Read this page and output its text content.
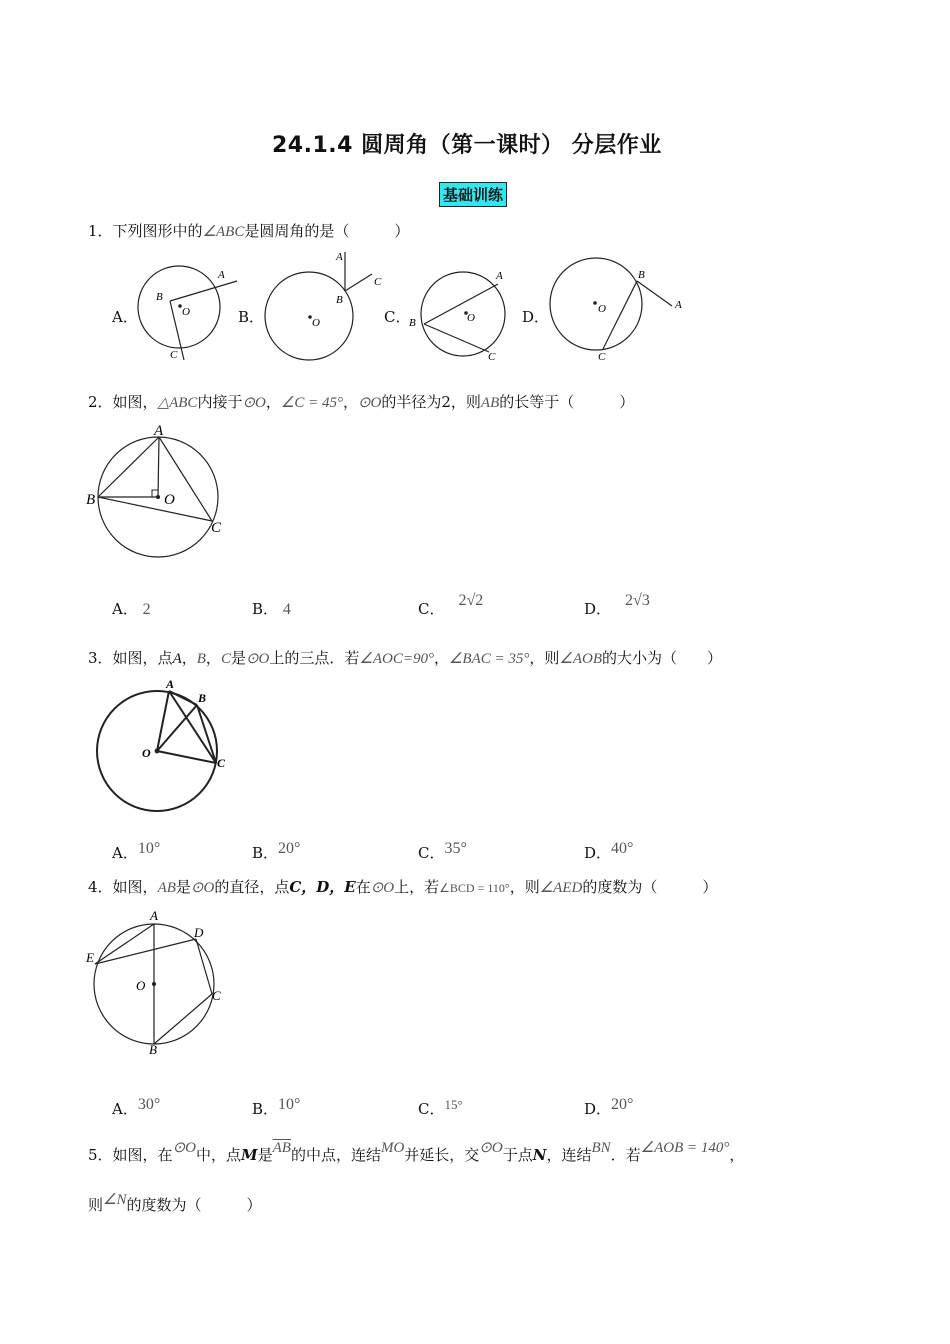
24.1.4 圆周角（第一课时） 分层作业
基础训练
1．下列图形中的∠ABC是圆周角的是（　　　）
A．
A
B
O
C
B．
A
C
B
O	C．
A
B	O
C
D．
B
A
O
C
2．如图，△ABC内接于⊙O，∠C = 45°，⊙O的半径为2，则AB的长等于（　　　）
A
B	O
C
A． 2	B． 4	C． 2√2	D． 2√3
3．如图，点A，B，C是⊙O上的三点．若∠AOC=90°，∠BAC = 35°，则∠AOB的大小为（　　）
A
B
O
C
A．10°	B．20°	C．35°	D．40°
4．如图，AB是⊙O的直径，点C，D，E在⊙O上，若∠BCD = 110°，则∠AED的度数为（　　　）
A
D
E
O
C
B
A．30°	B．10°	C．15°	D．20°
5．如图，在⊙O中，点M是$\overline{AB}$的中点，连结MO并延长，交⊙O于点N，连结BN．若∠AOB = 140°，
则∠N的度数为（　　　）
